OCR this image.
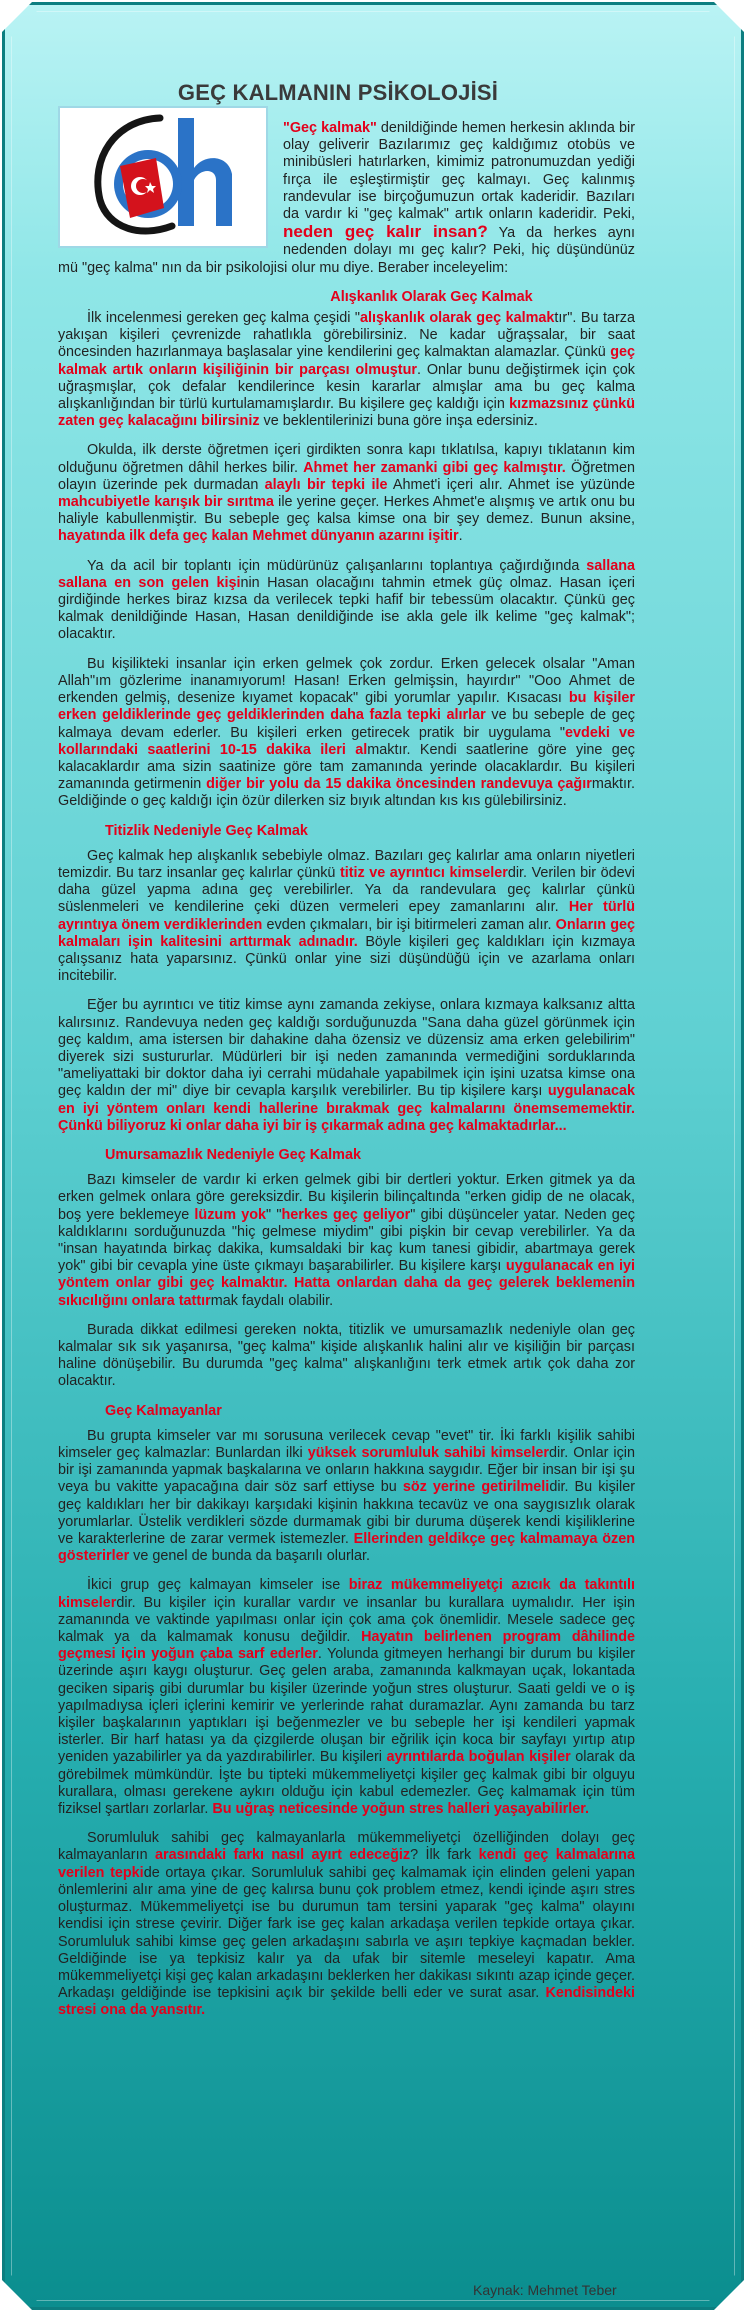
GEÇ KALMANIN PSİKOLOJİSİ

"Geç kalmak" denildiğinde hemen herkesin aklında bir olay geliverir Bazılarımız geç kaldığımız otobüs ve minibüsleri hatırlarken, kimimiz patronumuzdan yediği fırça ile eşleştirmiştir geç kalmayı. Geç kalınmış randevular ise birçoğumuzun ortak kaderidir. Bazıları da vardır ki "geç kalmak" artık onların kaderidir. Peki, neden geç kalır insan? Ya da herkes aynı nedenden dolayı mı geç kalır? Peki, hiç düşündünüz mü "geç kalma" nın da bir psikolojisi olur mu diye. Beraber inceleyelim:

Alışkanlık Olarak Geç Kalmak

İlk incelenmesi gereken geç kalma çeşidi "alışkanlık olarak geç kalmaktır". Bu tarza yakışan kişileri çevrenizde rahatlıkla görebilirsiniz. Ne kadar uğraşsalar, bir saat öncesinden hazırlanmaya başlasalar yine kendilerini geç kalmaktan alamazlar. Çünkü geç kalmak artık onların kişiliğinin bir parçası olmuştur. Onlar bunu değiştirmek için çok uğraşmışlar, çok defalar kendilerince kesin kararlar almışlar ama bu geç kalma alışkanlığından bir türlü kurtulamamışlardır. Bu kişilere geç kaldığı için kızmazsınız çünkü zaten geç kalacağını bilirsiniz ve beklentilerinizi buna göre inşa edersiniz.

Okulda, ilk derste öğretmen içeri girdikten sonra kapı tıklatılsa, kapıyı tıklatanın kim olduğunu öğretmen dâhil herkes bilir. Ahmet her zamanki gibi geç kalmıştır. Öğretmen olayın üzerinde pek durmadan alaylı bir tepki ile Ahmet'i içeri alır. Ahmet ise yüzünde mahcubiyetle karışık bir sırıtma ile yerine geçer. Herkes Ahmet'e alışmış ve artık onu bu haliyle kabullenmiştir. Bu sebeple geç kalsa kimse ona bir şey demez. Bunun aksine, hayatında ilk defa geç kalan Mehmet dünyanın azarını işitir.

Ya da acil bir toplantı için müdürünüz çalışanlarını toplantıya çağırdığında sallana sallana en son gelen kişinin Hasan olacağını tahmin etmek güç olmaz. Hasan içeri girdiğinde herkes biraz kızsa da verilecek tepki hafif bir tebessüm olacaktır. Çünkü geç kalmak denildiğinde Hasan, Hasan denildiğinde ise akla gele ilk kelime "geç kalmak"; olacaktır.

Bu kişilikteki insanlar için erken gelmek çok zordur. Erken gelecek olsalar "Aman Allah"ım gözlerime inanamıyorum! Hasan! Erken gelmişsin, hayırdır" "Ooo Ahmet de erkenden gelmiş, desenize kıyamet kopacak" gibi yorumlar yapılır. Kısacası bu kişiler erken geldiklerinde geç geldiklerinden daha fazla tepki alırlar ve bu sebeple de geç kalmaya devam ederler. Bu kişileri erken getirecek pratik bir uygulama "evdeki ve kollarındaki saatlerini 10-15 dakika ileri almaktır. Kendi saatlerine göre yine geç kalacaklardır ama sizin saatinize göre tam zamanında yerinde olacaklardır. Bu kişileri zamanında getirmenin diğer bir yolu da 15 dakika öncesinden randevuya çağırmaktır. Geldiğinde o geç kaldığı için özür dilerken siz bıyık altından kıs kıs gülebilirsiniz.

Titizlik Nedeniyle Geç Kalmak

Geç kalmak hep alışkanlık sebebiyle olmaz. Bazıları geç kalırlar ama onların niyetleri temizdir. Bu tarz insanlar geç kalırlar çünkü titiz ve ayrıntıcı kimselerdir. Verilen bir ödevi daha güzel yapma adına geç verebilirler. Ya da randevulara geç kalırlar çünkü süslenmeleri ve kendilerine çeki düzen vermeleri epey zamanlarını alır. Her türlü ayrıntıya önem verdiklerinden evden çıkmaları, bir işi bitirmeleri zaman alır. Onların geç kalmaları işin kalitesini arttırmak adınadır. Böyle kişileri geç kaldıkları için kızmaya çalışsanız hata yaparsınız. Çünkü onlar yine sizi düşündüğü için ve azarlama onları incitebilir.

Eğer bu ayrıntıcı ve titiz kimse aynı zamanda zekiyse, onlara kızmaya kalksanız altta kalırsınız. Randevuya neden geç kaldığı sorduğunuzda "Sana daha güzel görünmek için geç kaldım, ama istersen bir dahakine daha özensiz ve düzensiz ama erken gelebilirim" diyerek sizi susturu​rlar. Müdürleri bir işi neden zamanında vermediğini sorduklarında "ameliyattaki bir doktor daha iyi cerrahi müdahale yapabilmek için işini uzatsa kimse ona geç kaldın der mi" diye bir cevapla karşılık verebilirler. Bu tip kişilere karşı uygulanacak en iyi yöntem onları kendi hallerine bırakmak geç kalmalarını önemsememektir. Çünkü biliyoruz ki onlar daha iyi bir iş çıkarmak adına geç kalmaktadırlar...

Umursamazlık Nedeniyle Geç Kalmak

Bazı kimseler de vardır ki erken gelmek gibi bir dertleri yoktur. Erken gitmek ya da erken gelmek onlara göre gereksizdir. Bu kişilerin bilinçaltında "erken gidip de ne olacak, boş yere beklemeye lüzum yok" "herkes geç geliyor" gibi düşünceler yatar. Neden geç kaldıklarını sorduğunuzda "hiç gelmese miydim" gibi pişkin bir cevap verebilirler. Ya da "insan hayatında birkaç dakika, kumsaldaki bir kaç kum tanesi gibidir, abartmaya gerek yok" gibi bir cevapla yine üste çıkmayı başarabilirler. Bu kişilere karşı uygulanacak en iyi yöntem onlar gibi geç kalmaktır. Hatta onlardan daha da geç gelerek beklemenin sıkıcılığını onlara tattırmak faydalı olabilir.

Burada dikkat edilmesi gereken nokta, titizlik ve umursamazlık nedeniyle olan geç kalmalar sık sık yaşanırsa, "geç kalma" kişide alışkanlık halini alır ve kişiliğin bir parçası haline dönüşebilir. Bu durumda "geç kalma" alışkanlığını terk etmek artık çok daha zor olacaktır.

Geç Kalmayanlar

Bu grupta kimseler var mı sorusuna verilecek cevap "evet" tir. İki farklı kişilik sahibi kimseler geç kalmazlar: Bunlardan ilki yüksek sorumluluk sahibi kimselerdir. Onlar için bir işi zamanında yapmak başkalarına ve onların hakkına saygıdır. Eğer bir insan bir işi şu veya bu vakitte yapacağına dair söz sarf ettiyse bu söz yerine getirilmelidir. Bu kişiler geç kaldıkları her bir dakikayı karşıdaki kişinin hakkına tecavüz ve ona saygısızlık olarak yorumlarlar. Üstelik verdikleri sözde durmamak gibi bir duruma düşerek kendi kişiliklerine ve karakterlerine de zarar vermek istemezler. Ellerinden geldikçe geç kalmamaya özen gösterirler ve genel de bunda da başarılı olurlar.

İkici grup geç kalmayan kimseler ise biraz mükemmeliyetçi azıcık da takıntılı kimselerdir. Bu kişiler için kurallar vardır ve insanlar bu kurallara uymalıdır. Her işin zamanında ve vaktinde yapılması onlar için çok ama çok önemlidir. Mesele sadece geç kalmak ya da kalmamak konusu değildir. Hayatın belirlenen program dâhilinde geçmesi için yoğun çaba sarf ederler. Yolunda gitmeyen herhangi bir durum bu kişiler üzerinde aşırı kaygı oluşturur. Geç gelen araba, zamanında kalkmayan uçak, lokantada geciken sipariş gibi durumlar bu kişiler üzerinde yoğun stres oluşturur. Saati geldi ve o iş yapılmadıysa içleri içlerini kemirir ve yerlerinde rahat duramazlar. Aynı zamanda bu tarz kişiler başkalarının yaptıkları işi beğenmezler ve bu sebeple her işi kendileri yapmak isterler. Bir harf hatası ya da çizgilerde oluşan bir eğrilik için koca bir sayfayı yırtıp atıp yeniden yazabilirler ya da yazdırabilirler. Bu kişileri ayrıntılarda boğulan kişiler olarak da görebilmek mümkündür. İşte bu tipteki mükemmeliyetçi kişiler geç kalmak gibi bir olguyu kurallara, olması gerekene aykırı olduğu için kabul edemezler. Geç kalmamak için tüm fiziksel şartları zorlarlar. Bu uğraş neticesinde yoğun stres halleri yaşayabilirler.

Sorumluluk sahibi geç kalmayanlarla mükemmeliyetçi özelliğinden dolayı geç kalmayanların arasındaki farkı nasıl ayırt edeceğiz? İlk fark kendi geç kalmalarına verilen tepkide ortaya çıkar. Sorumluluk sahibi geç kalmamak için elinden geleni yapan önlemlerini alır ama yine de geç kalırsa bunu çok problem etmez, kendi içinde aşırı stres oluşturmaz. Mükemmeliyetçi ise bu durumun tam tersini yaparak "geç kalma" olayını kendisi için strese çevirir. Diğer fark ise geç kalan arkadaşa verilen tepkide ortaya çıkar. Sorumluluk sahibi kimse geç gelen arkadaşını sabırla ve aşırı tepkiye kaçmadan bekler. Geldiğinde ise ya tepkisiz kalır ya da ufak bir sitemle meseleyi kapatır. Ama mükemmeliyetçi kişi geç kalan arkadaşını beklerken her dakikası sıkıntı azap içinde geçer. Arkadaşı geldiğinde ise tepkisini açık bir şekilde belli eder ve surat asar. Kendisindeki stresi ona da yansıtır.

Kaynak: Mehmet Teber
